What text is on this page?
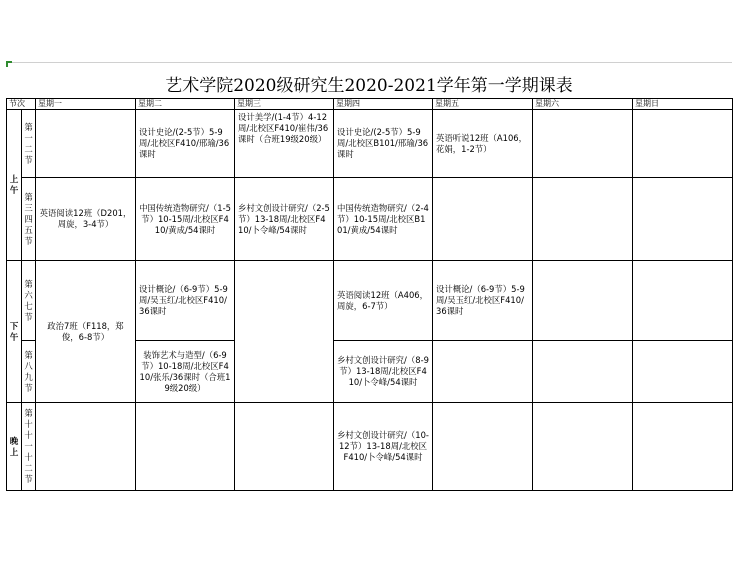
艺术学院2020级研究生2020-2021学年第一学期课表
节次		星期一	星期二	星期三	星期四	星期五	星期六	星期日

上午	第一二节		设计史论/(2-5节）5-9周/北校区F410/邢瑜/36课时	设计美学/(1-4节）4-12周/北校区F410/崔伟/36课时（合班19级20级）	设计史论/(2-5节）5-9周/北校区B101/邢瑜/36课时	英语听说12班（A106，花娟，1-2节）		

	第三四五节	英语阅读12班（D201，周旋，3-4节）	中国传统造物研究/（1-5节）10-15周/北校区F410/黄成/54课时	乡村文创设计研究/（2-5节）13-18周/北校区F410/卜令峰/54课时	中国传统造物研究/（2-4节）10-15周/北校区B101/黄成/54课时			

下午	第六七节	政治7班（F118，郑俊，6-8节）	设计概论/（6-9节）5-9周/吴玉红/北校区F410/36课时		英语阅读12班（A406，周旋，6-7节）	设计概论/（6-9节）5-9周/吴玉红/北校区F410/36课时		

	第八九节		装饰艺术与造型/（6-9节）10-18周/北校区F410/张乐/36课时（合班19级20级）		乡村文创设计研究/（8-9节）13-18周/北校区F410/卜令峰/54课时			

晚上	第十十一十二节				乡村文创设计研究/（10-12节）13-18周/北校区F410/卜令峰/54课时			
